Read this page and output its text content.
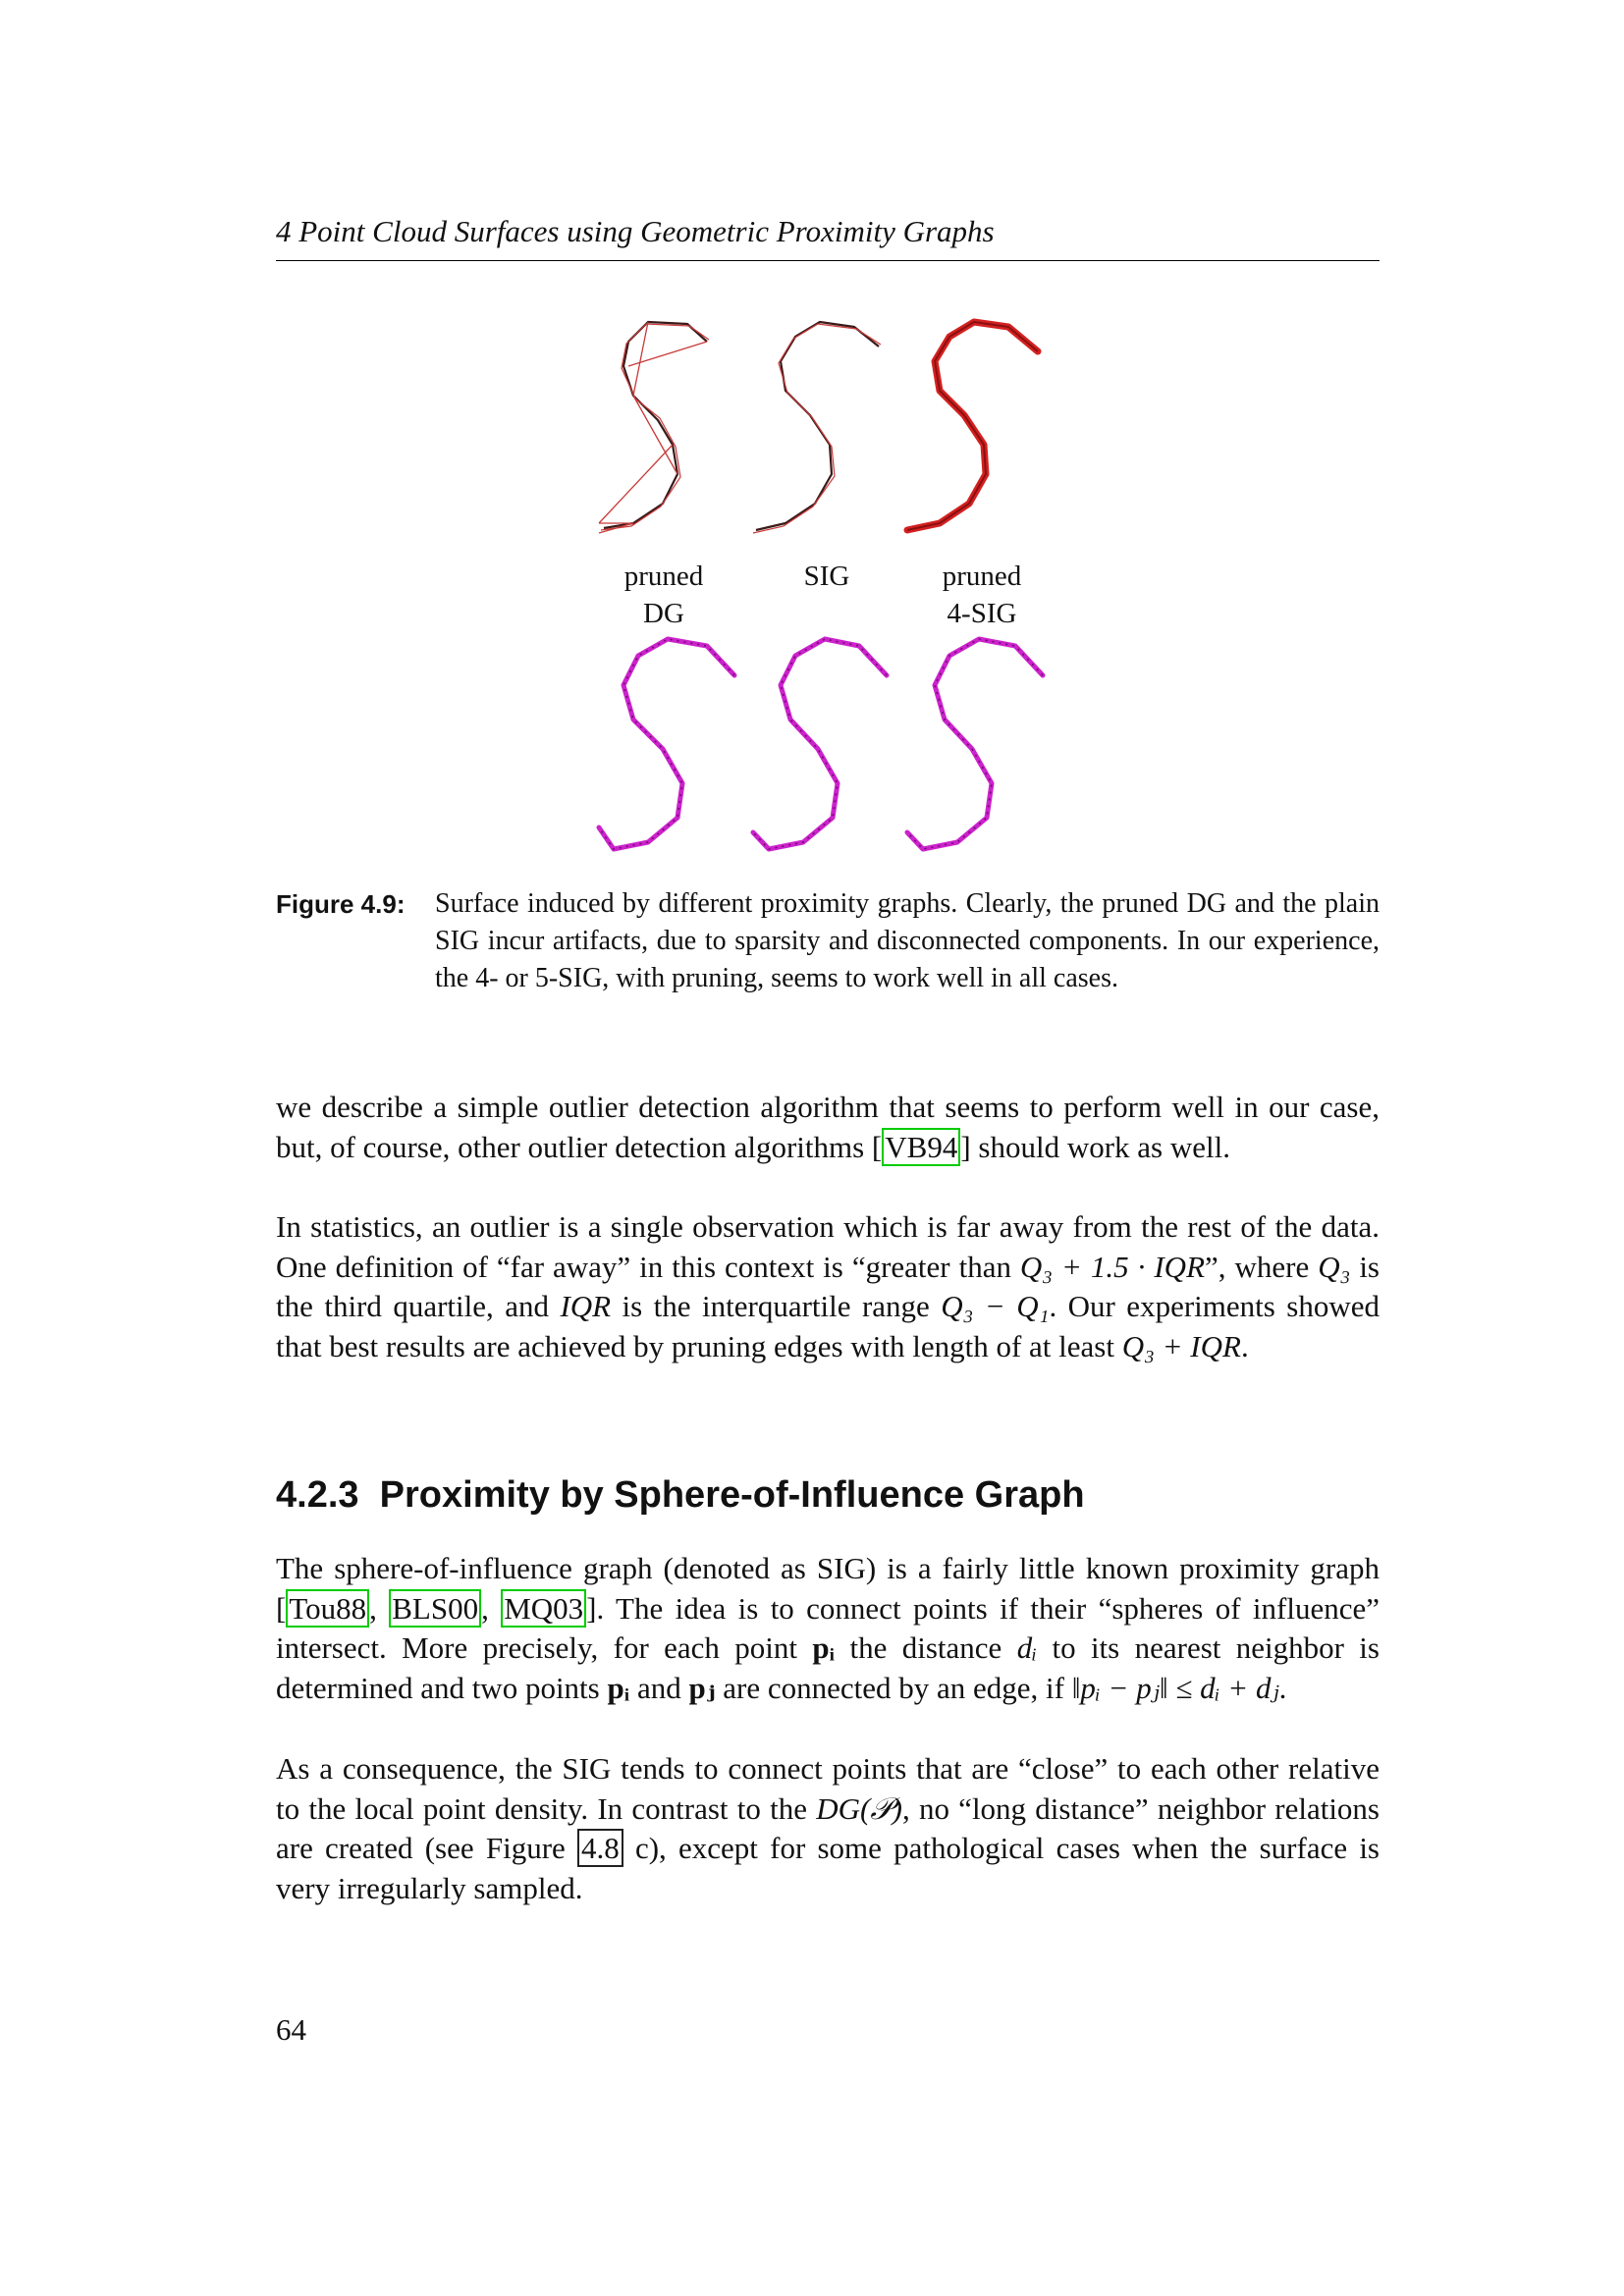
4 Point Cloud Surfaces using Geometric Proximity Graphs
pruned
DG
SIG	pruned
4-SIG
Figure 4.9: Surface induced by different proximity graphs. Clearly, the pruned DG and the plain SIG incur artifacts, due to sparsity and disconnected components. In our experience, the 4- or 5-SIG, with pruning, seems to work well in all cases.
we describe a simple outlier detection algorithm that seems to perform well in our case, but, of course, other outlier detection algorithms [VB94] should work as well.
In statistics, an outlier is a single observation which is far away from the rest of the data. One definition of “far away” in this context is “greater than Q₃ + 1.5 · IQR”, where Q₃ is the third quartile, and IQR is the interquartile range Q₃ − Q₁. Our experiments showed that best results are achieved by pruning edges with length of at least Q₃ + IQR.
4.2.3 Proximity by Sphere-of-Influence Graph
The sphere-of-influence graph (denoted as SIG) is a fairly little known proximity graph [Tou88, BLS00, MQ03]. The idea is to connect points if their “spheres of influence” intersect. More precisely, for each point pᵢ the distance dᵢ to its nearest neighbor is determined and two points pᵢ and pⱼ are connected by an edge, if ‖pᵢ − pⱼ‖ ≤ dᵢ + dⱼ.
As a consequence, the SIG tends to connect points that are “close” to each other relative to the local point density. In contrast to the DG(𝒫), no “long distance” neighbor relations are created (see Figure 4.8 c), except for some pathological cases when the surface is very irregularly sampled.
64
